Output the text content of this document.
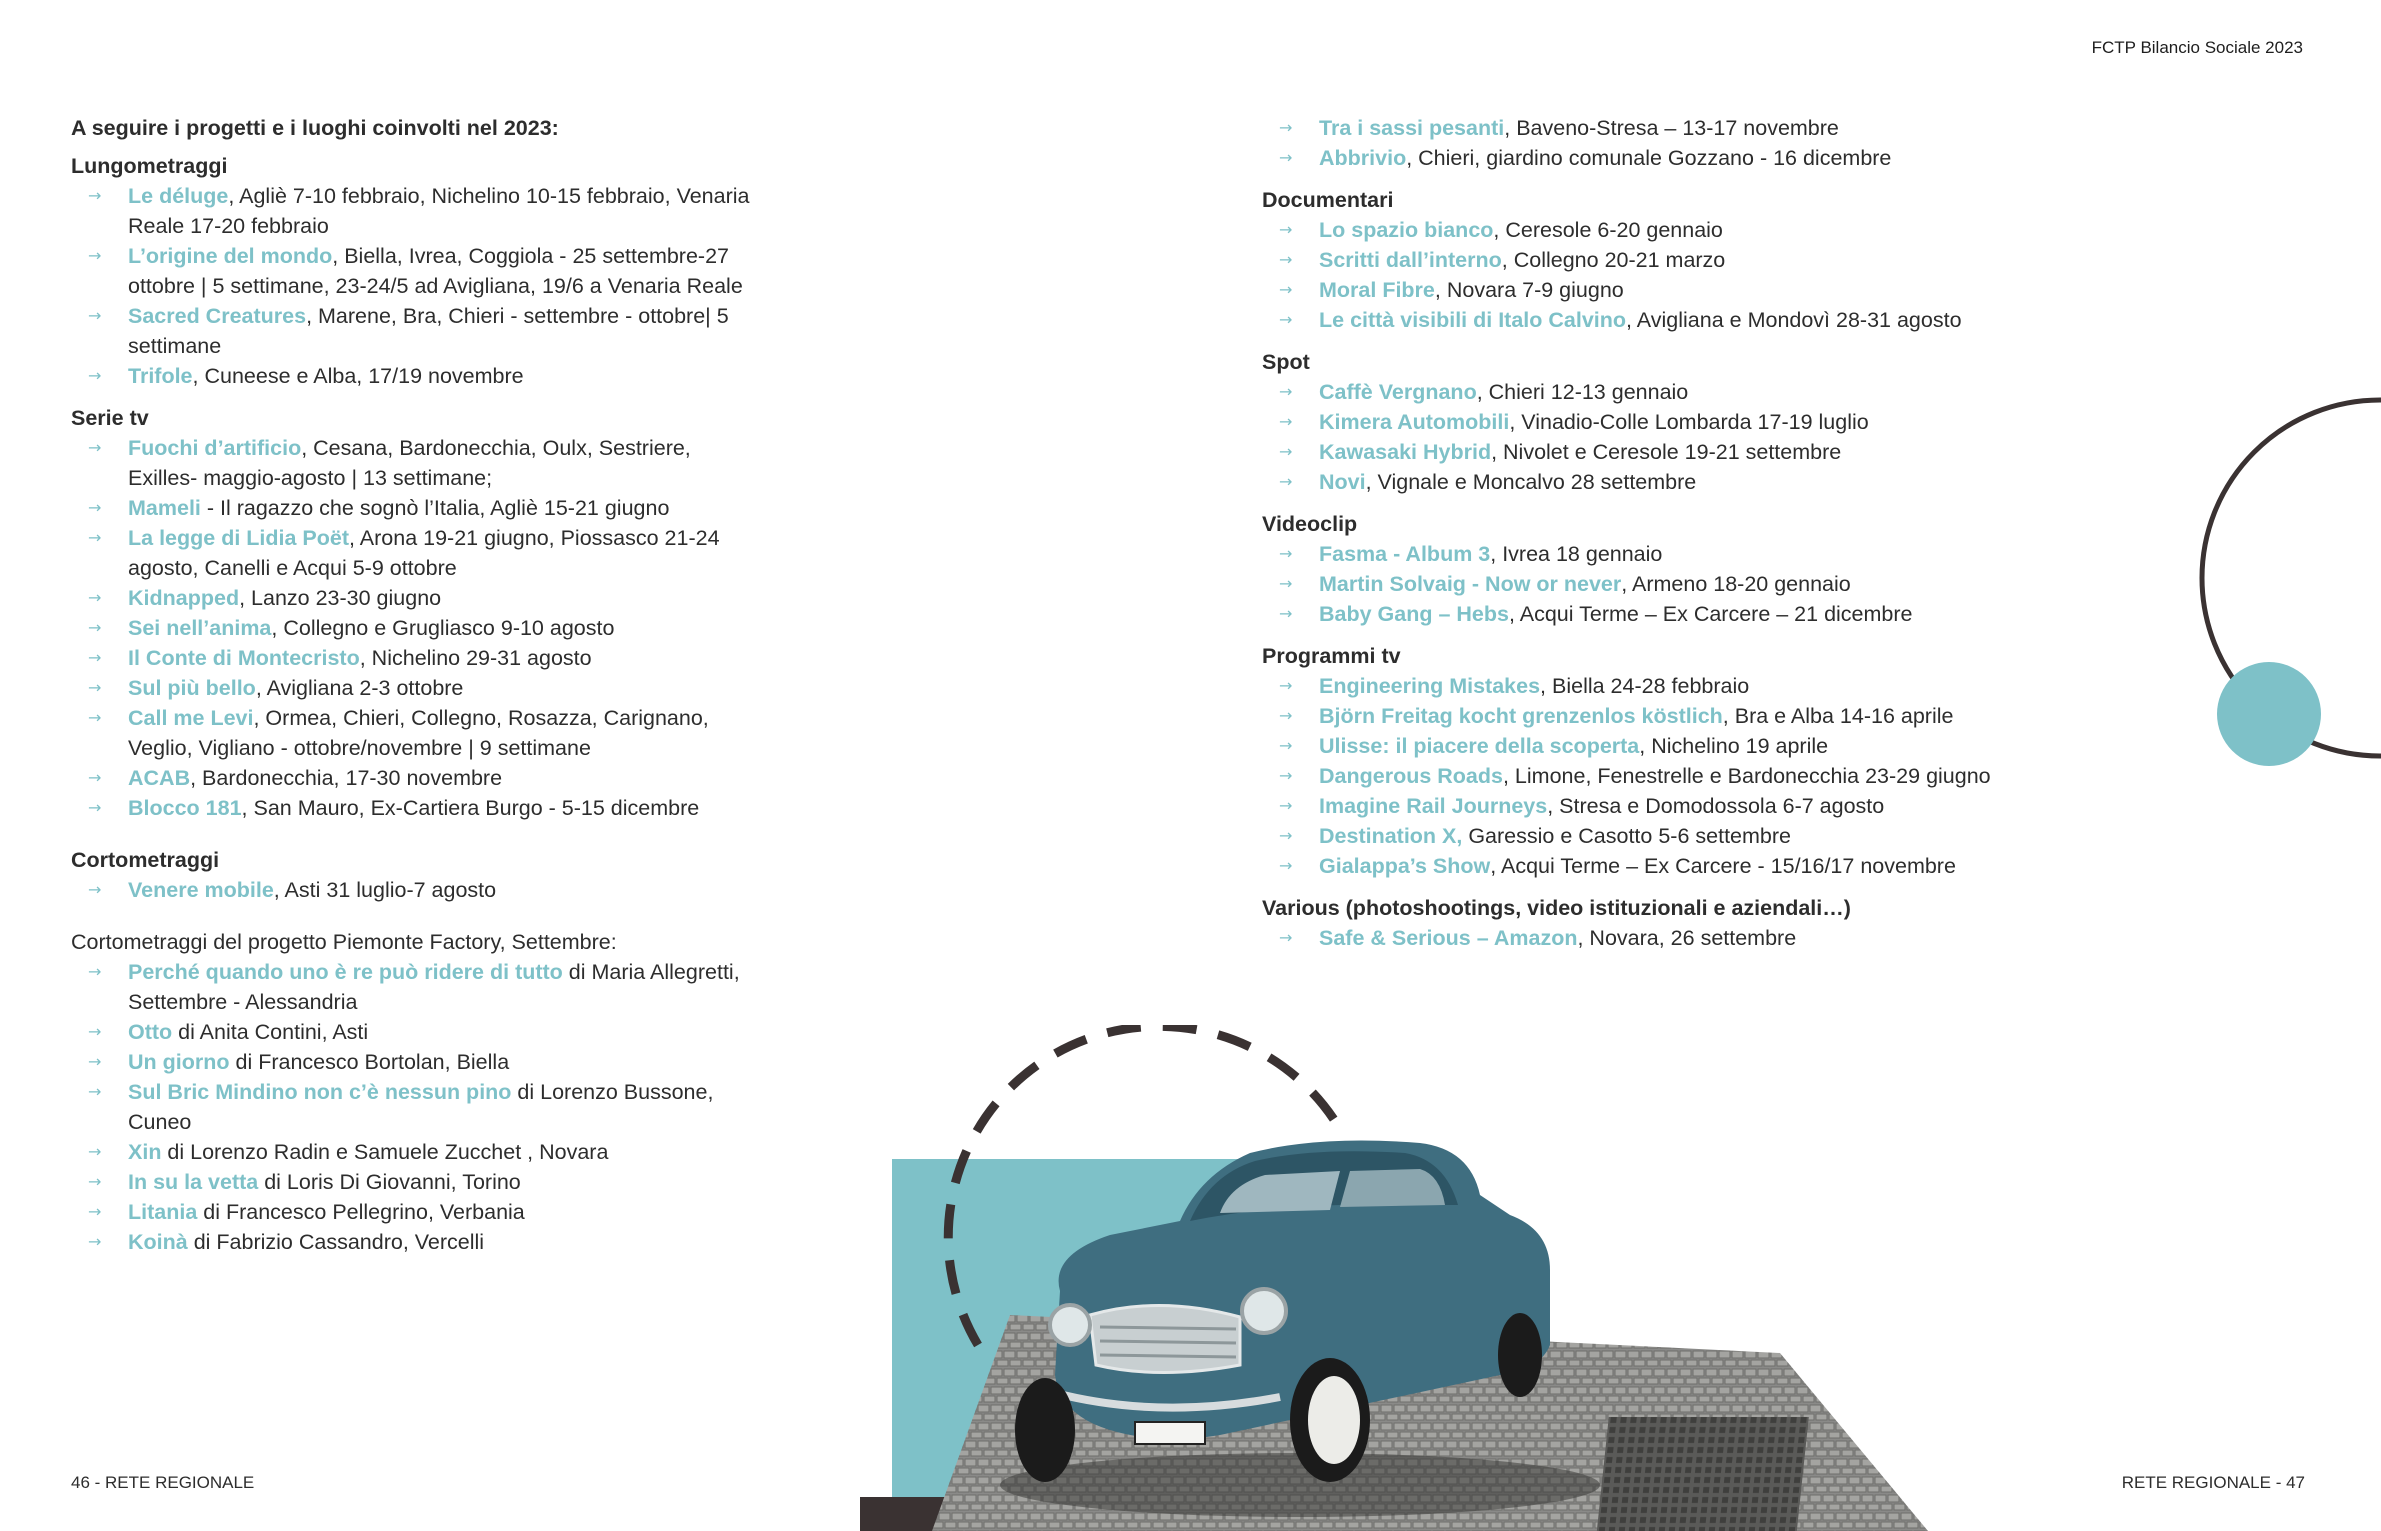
FCTP Bilancio Sociale 2023

A seguire i progetti e i luoghi coinvolti nel 2023:

Lungometraggi

→ Le déluge, Agliè 7-10 febbraio, Nichelino 10-15 febbraio, Venaria Reale 17-20 febbraio
→ L’origine del mondo, Biella, Ivrea, Coggiola - 25 settembre-27 ottobre | 5 settimane, 23-24/5 ad Avigliana, 19/6 a Venaria Reale
→ Sacred Creatures, Marene, Bra, Chieri - settembre - ottobre| 5 settimane
→ Trifole, Cuneese e Alba, 17/19 novembre

Serie tv

→ Fuochi d’artificio, Cesana, Bardonecchia, Oulx, Sestriere, Exilles- maggio-agosto | 13 settimane;
→ Mameli - Il ragazzo che sognò l’Italia, Agliè 15-21 giugno
→ La legge di Lidia Poët, Arona 19-21 giugno, Piossasco 21-24 agosto, Canelli e Acqui 5-9 ottobre
→ Kidnapped, Lanzo 23-30 giugno
→ Sei nell’anima, Collegno e Grugliasco 9-10 agosto
→ Il Conte di Montecristo, Nichelino 29-31 agosto
→ Sul più bello, Avigliana 2-3 ottobre
→ Call me Levi, Ormea, Chieri, Collegno, Rosazza, Carignano, Veglio, Vigliano - ottobre/novembre | 9 settimane
→ ACAB, Bardonecchia, 17-30 novembre
→ Blocco 181, San Mauro, Ex-Cartiera Burgo - 5-15 dicembre

Cortometraggi

→ Venere mobile, Asti 31 luglio-7 agosto

Cortometraggi del progetto Piemonte Factory, Settembre:

→ Perché quando uno è re può ridere di tutto di Maria Allegretti, Settembre - Alessandria
→ Otto di Anita Contini, Asti
→ Un giorno di Francesco Bortolan, Biella
→ Sul Bric Mindino non c’è nessun pino di Lorenzo Bussone, Cuneo
→ Xin di Lorenzo Radin e Samuele Zucchet , Novara
→ In su la vetta di Loris Di Giovanni, Torino
→ Litania di Francesco Pellegrino, Verbania
→ Koinà di Fabrizio Cassandro, Vercelli
→ Tra i sassi pesanti, Baveno-Stresa – 13-17 novembre
→ Abbrivio, Chieri, giardino comunale Gozzano - 16 dicembre

Documentari

→ Lo spazio bianco, Ceresole 6-20 gennaio
→ Scritti dall’interno, Collegno 20-21 marzo
→ Moral Fibre, Novara 7-9 giugno
→ Le città visibili di Italo Calvino, Avigliana e Mondovì 28-31 agosto

Spot

→ Caffè Vergnano, Chieri 12-13 gennaio
→ Kimera Automobili, Vinadio-Colle Lombarda 17-19 luglio
→ Kawasaki Hybrid, Nivolet e Ceresole 19-21 settembre
→ Novi, Vignale e Moncalvo 28 settembre

Videoclip

→ Fasma - Album 3, Ivrea 18 gennaio
→ Martin Solvaig - Now or never, Armeno 18-20 gennaio
→ Baby Gang – Hebs, Acqui Terme – Ex Carcere – 21 dicembre

Programmi tv

→ Engineering Mistakes, Biella 24-28 febbraio
→ Björn Freitag kocht grenzenlos köstlich, Bra e Alba 14-16 aprile
→ Ulisse: il piacere della scoperta, Nichelino 19 aprile
→ Dangerous Roads, Limone, Fenestrelle e Bardonecchia 23-29 giugno
→ Imagine Rail Journeys, Stresa e Domodossola 6-7 agosto
→ Destination X, Garessio e Casotto 5-6 settembre
→ Gialappa’s Show, Acqui Terme – Ex Carcere - 15/16/17 novembre

Various (photoshootings, video istituzionali e aziendali…)

→ Safe & Serious – Amazon, Novara, 26 settembre
46 - RETE REGIONALE	RETE REGIONALE - 47
